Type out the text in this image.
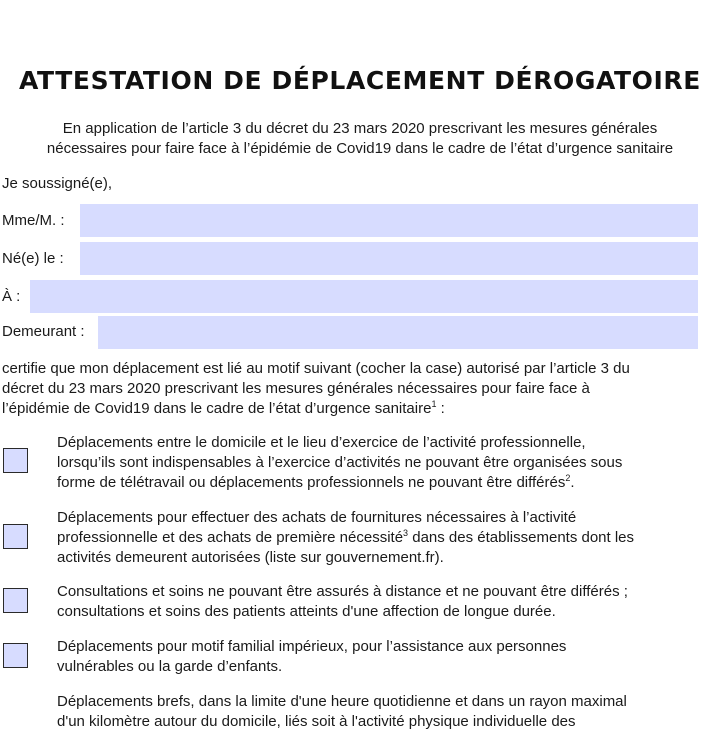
ATTESTATION DE DÉPLACEMENT DÉROGATOIRE
En application de l’article 3 du décret du 23 mars 2020 prescrivant les mesures générales
nécessaires pour faire face à l’épidémie de Covid19 dans le cadre de l’état d’urgence sanitaire
Je soussigné(e),
Mme/M. :
Né(e) le :
À :
Demeurant :
certifie que mon déplacement est lié au motif suivant (cocher la case) autorisé par l’article 3 du
décret du 23 mars 2020 prescrivant les mesures générales nécessaires pour faire face à
l’épidémie de Covid19 dans le cadre de l’état d’urgence sanitaire$^1$ :
Déplacements entre le domicile et le lieu d’exercice de l’activité professionnelle,
lorsqu’ils sont indispensables à l’exercice d’activités ne pouvant être organisées sous
forme de télétravail ou déplacements professionnels ne pouvant être différés$^2$.
Déplacements pour effectuer des achats de fournitures nécessaires à l’activité
professionnelle et des achats de première nécessité$^3$ dans des établissements dont les
activités demeurent autorisées (liste sur gouvernement.fr).
Consultations et soins ne pouvant être assurés à distance et ne pouvant être différés ;
consultations et soins des patients atteints d'une affection de longue durée.
Déplacements pour motif familial impérieux, pour l’assistance aux personnes
vulnérables ou la garde d’enfants.
Déplacements brefs, dans la limite d'une heure quotidienne et dans un rayon maximal
d'un kilomètre autour du domicile, liés soit à l'activité physique individuelle des
